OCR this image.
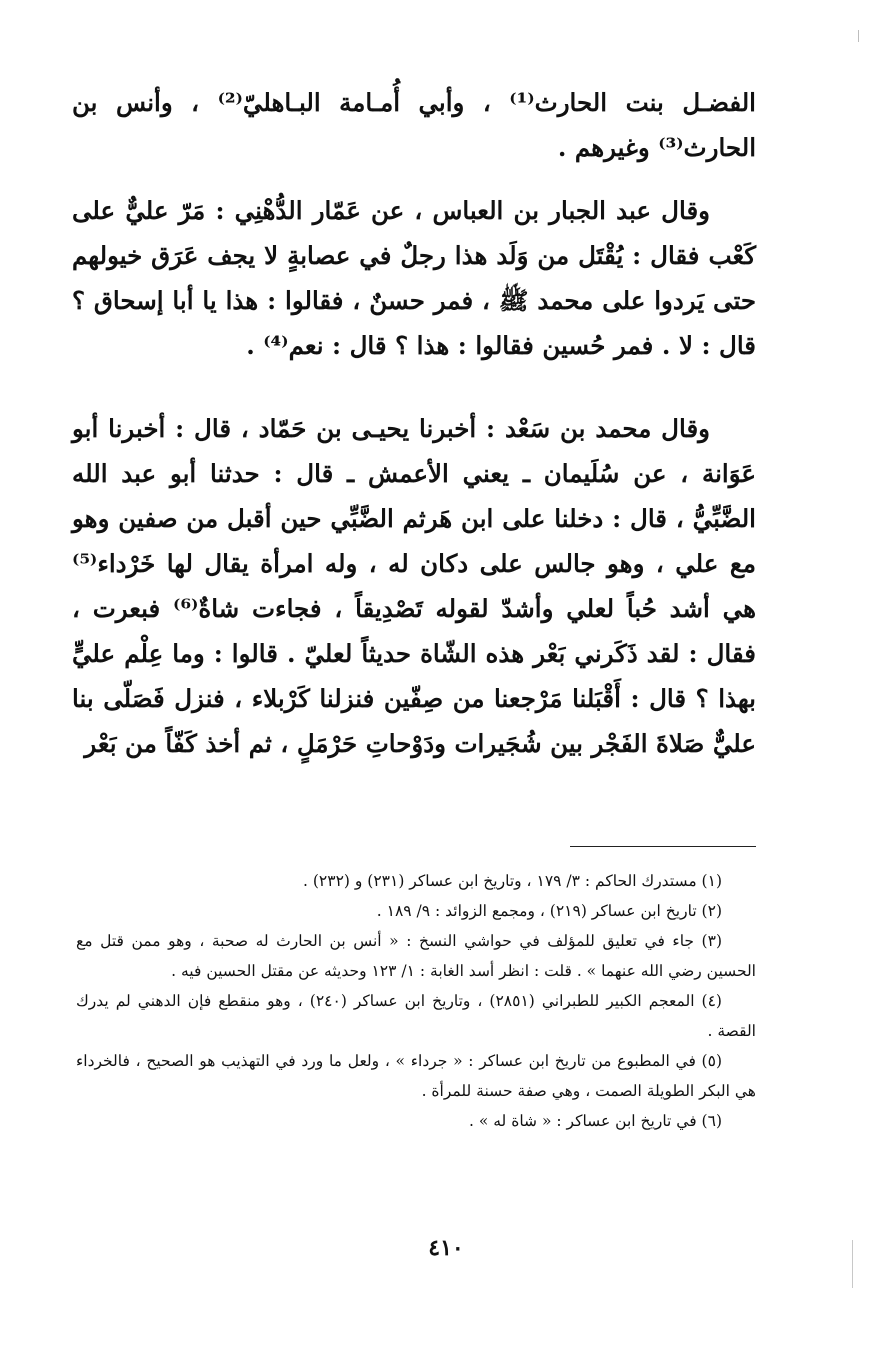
الفضـل بنت الحارث⁽¹⁾ ، وأبي أُمـامة البـاهليّ⁽²⁾ ، وأنس بن الحارث⁽³⁾ وغيرهم .

وقال عبد الجبار بن العباس ، عن عَمّار الدُّهْنِي : مَرّ عليٌّ على كَعْب فقال : يُقْتَل من وَلَد هذا رجلٌ في عصابةٍ لا يجف عَرَق خيولهم حتى يَردوا على محمد ﷺ ، فمر حسنٌ ، فقالوا : هذا يا أبا إسحاق ؟ قال : لا . فمر حُسين فقالوا : هذا ؟ قال : نعم⁽⁴⁾ .

وقال محمد بن سَعْد : أخبرنا يحيـى بن حَمّاد ، قال : أخبرنا أبو عَوَانة ، عن سُلَيمان ـ يعني الأعمش ـ قال : حدثنا أبو عبد الله الضَّبِّيُّ ، قال : دخلنا على ابن هَرثم الضَّبِّي حين أقبل من صفين وهو مع علي ، وهو جالس على دكان له ، وله امرأة يقال لها خَرْداء⁽⁵⁾ هي أشد حُباً لعلي وأشدّ لقوله تَصْدِيقاً ، فجاءت شاةٌ⁽⁶⁾ فبعرت ، فقال : لقد ذَكَرني بَعْر هذه الشّاة حديثاً لعليّ . قالوا : وما عِلْم عليٍّ بهذا ؟ قال : أَقْبَلنا مَرْجعنا من صِفّين فنزلنا كَرْبلاء ، فنزل فَصَلّى بنا عليٌّ صَلاةَ الفَجْر بين شُجَيرات ودَوْحاتِ حَرْمَلٍ ، ثم أخذ كَفّاً من بَعْر

(١) مستدرك الحاكم : ٣/ ١٧٩ ، وتاريخ ابن عساكر (٢٣١) و (٢٣٢) .

(٢) تاريخ ابن عساكر (٢١٩) ، ومجمع الزوائد : ٩/ ١٨٩ .

(٣) جاء في تعليق للمؤلف في حواشي النسخ : « أنس بن الحارث له صحبة ، وهو ممن قتل مع الحسين رضي الله عنهما » . قلت : انظر أسد الغابة : ١/ ١٢٣ وحديثه عن مقتل الحسين فيه .

(٤) المعجم الكبير للطبراني (٢٨٥١) ، وتاريخ ابن عساكر (٢٤٠) ، وهو منقطع فإن الدهني لم يدرك القصة .

(٥) في المطبوع من تاريخ ابن عساكر : « جرداء » ، ولعل ما ورد في التهذيب هو الصحيح ، فالخرداء هي البكر الطويلة الصمت ، وهي صفة حسنة للمرأة .

(٦) في تاريخ ابن عساكر : « شاة له » .

٤١٠
